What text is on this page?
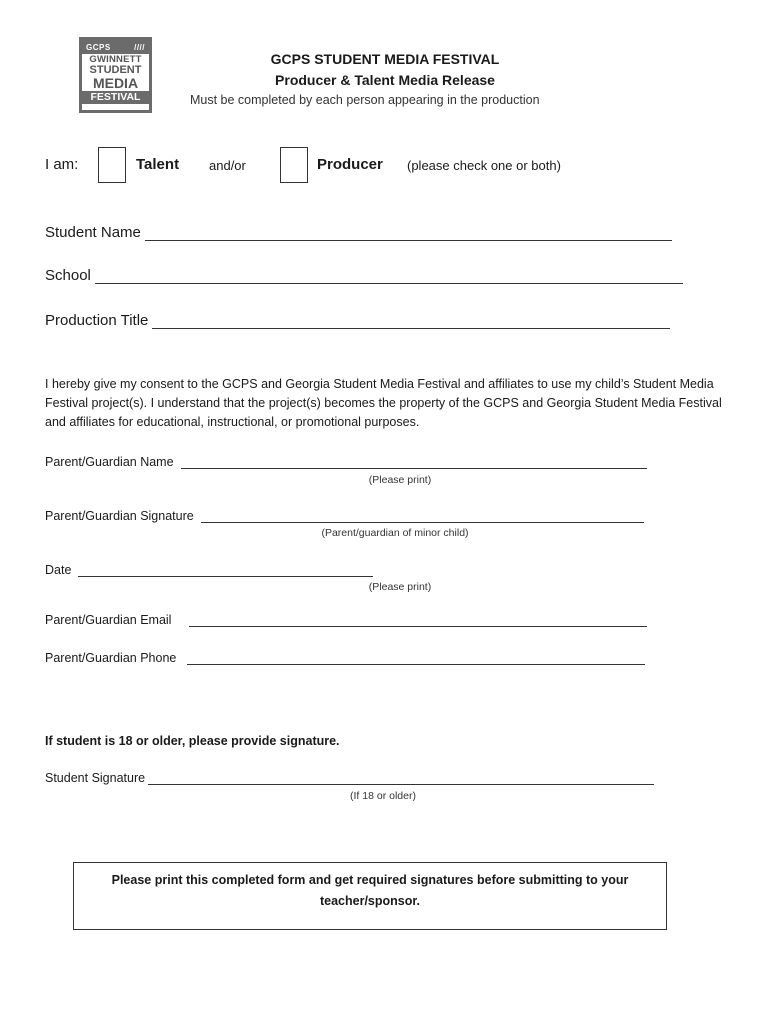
GCPS	////
GWINNETT
STUDENT
MEDIA
FESTIVAL
GCPS STUDENT MEDIA FESTIVAL
Producer & Talent Media Release
Must be completed by each person appearing in the production
I am:	Talent and/or	Producer (please check one or both)
Student Name
School
Production Title
I hereby give my consent to the GCPS and Georgia Student Media Festival and affiliates to use my child’s Student Media Festival project(s). I understand that the project(s) becomes the property of the GCPS and Georgia Student Media Festival and affiliates for educational, instructional, or promotional purposes.
Parent/Guardian Name
(Please print)
Parent/Guardian Signature
(Parent/guardian of minor child)
Date
(Please print)
Parent/Guardian Email
Parent/Guardian Phone
If student is 18 or older, please provide signature.
Student Signature
(If 18 or older)
Please print this completed form and get required signatures before submitting to your teacher/sponsor.
